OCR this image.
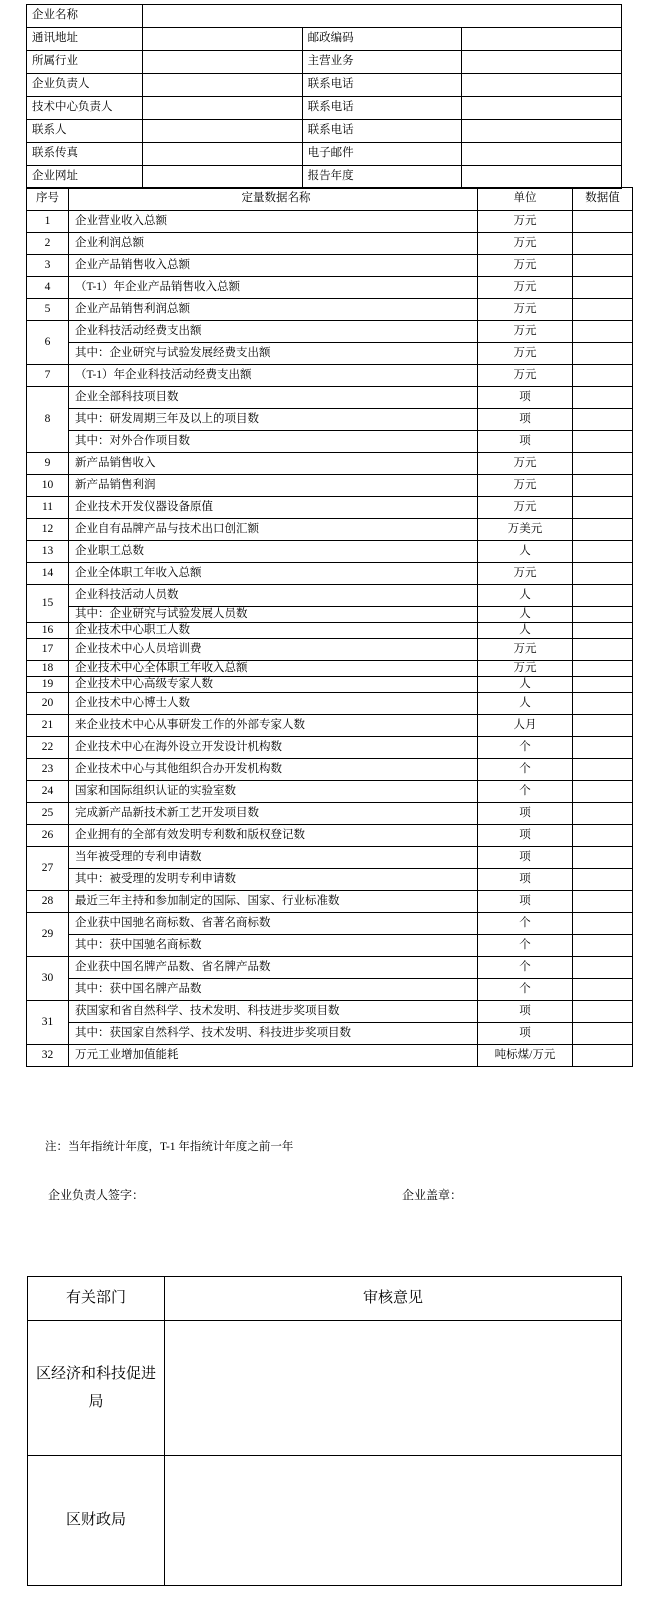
企业名称			
通讯地址		邮政编码	
所属行业		主营业务	
企业负责人		联系电话	
技术中心负责人		联系电话	
联系人		联系电话	
联系传真		电子邮件	
企业网址		报告年度	
序号	定量数据名称	单位	数据值
1	企业营业收入总额	万元	
2	企业利润总额	万元	
3	企业产品销售收入总额	万元	
4	（T-1）年企业产品销售收入总额	万元	
5	企业产品销售利润总额	万元	
6	企业科技活动经费支出额	万元	
	其中：企业研究与试验发展经费支出额	万元	
7	（T-1）年企业科技活动经费支出额	万元	
8	企业全部科技项目数	项	
	其中：研发周期三年及以上的项目数	项	
	其中：对外合作项目数	项	
9	新产品销售收入	万元	
10	新产品销售利润	万元	
11	企业技术开发仪器设备原值	万元	
12	企业自有品牌产品与技术出口创汇额	万美元	
13	企业职工总数	人	
14	企业全体职工年收入总额	万元	
15	企业科技活动人员数	人	
	其中：企业研究与试验发展人员数	人	
16	企业技术中心职工人数	人	
17	企业技术中心人员培训费	万元	
18	企业技术中心全体职工年收入总额	万元	
19	企业技术中心高级专家人数	人	
20	企业技术中心博士人数	人	
21	来企业技术中心从事研发工作的外部专家人数	人月	
22	企业技术中心在海外设立开发设计机构数	个	
23	企业技术中心与其他组织合办开发机构数	个	
24	国家和国际组织认证的实验室数	个	
25	完成新产品新技术新工艺开发项目数	项	
26	企业拥有的全部有效发明专利数和版权登记数	项	
27	当年被受理的专利申请数	项	
	其中：被受理的发明专利申请数	项	
28	最近三年主持和参加制定的国际、国家、行业标准数	项	
29	企业获中国驰名商标数、省著名商标数	个	
	其中：获中国驰名商标数	个	
30	企业获中国名牌产品数、省名牌产品数	个	
	其中：获中国名牌产品数	个	
31	获国家和省自然科学、技术发明、科技进步奖项目数	项	
	其中：获国家自然科学、技术发明、科技进步奖项目数	项	
32	万元工业增加值能耗	吨标煤/万元	
注：当年指统计年度，T-1 年指统计年度之前一年
企业负责人签字：	企业盖章：
有关部门	审核意见
区经济和科技促进局	
区财政局	
